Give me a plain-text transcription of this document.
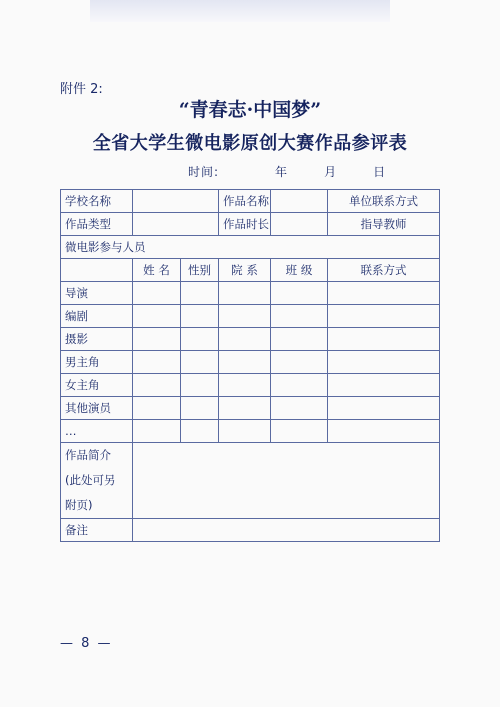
附件 2:
“青春志·中国梦”
全省大学生微电影原创大赛作品参评表
时间:	年	月	日
学校名称			作品名称		单位联系方式
作品类型			作品时长		指导教师
微电影参与人员					
	姓 名	性别	院 系	班 级	联系方式
导演					
编剧					
摄影					
男主角					
女主角					
其他演员					
…					
作品简介
(此处可另
附页)					
备注					
— 8 —
